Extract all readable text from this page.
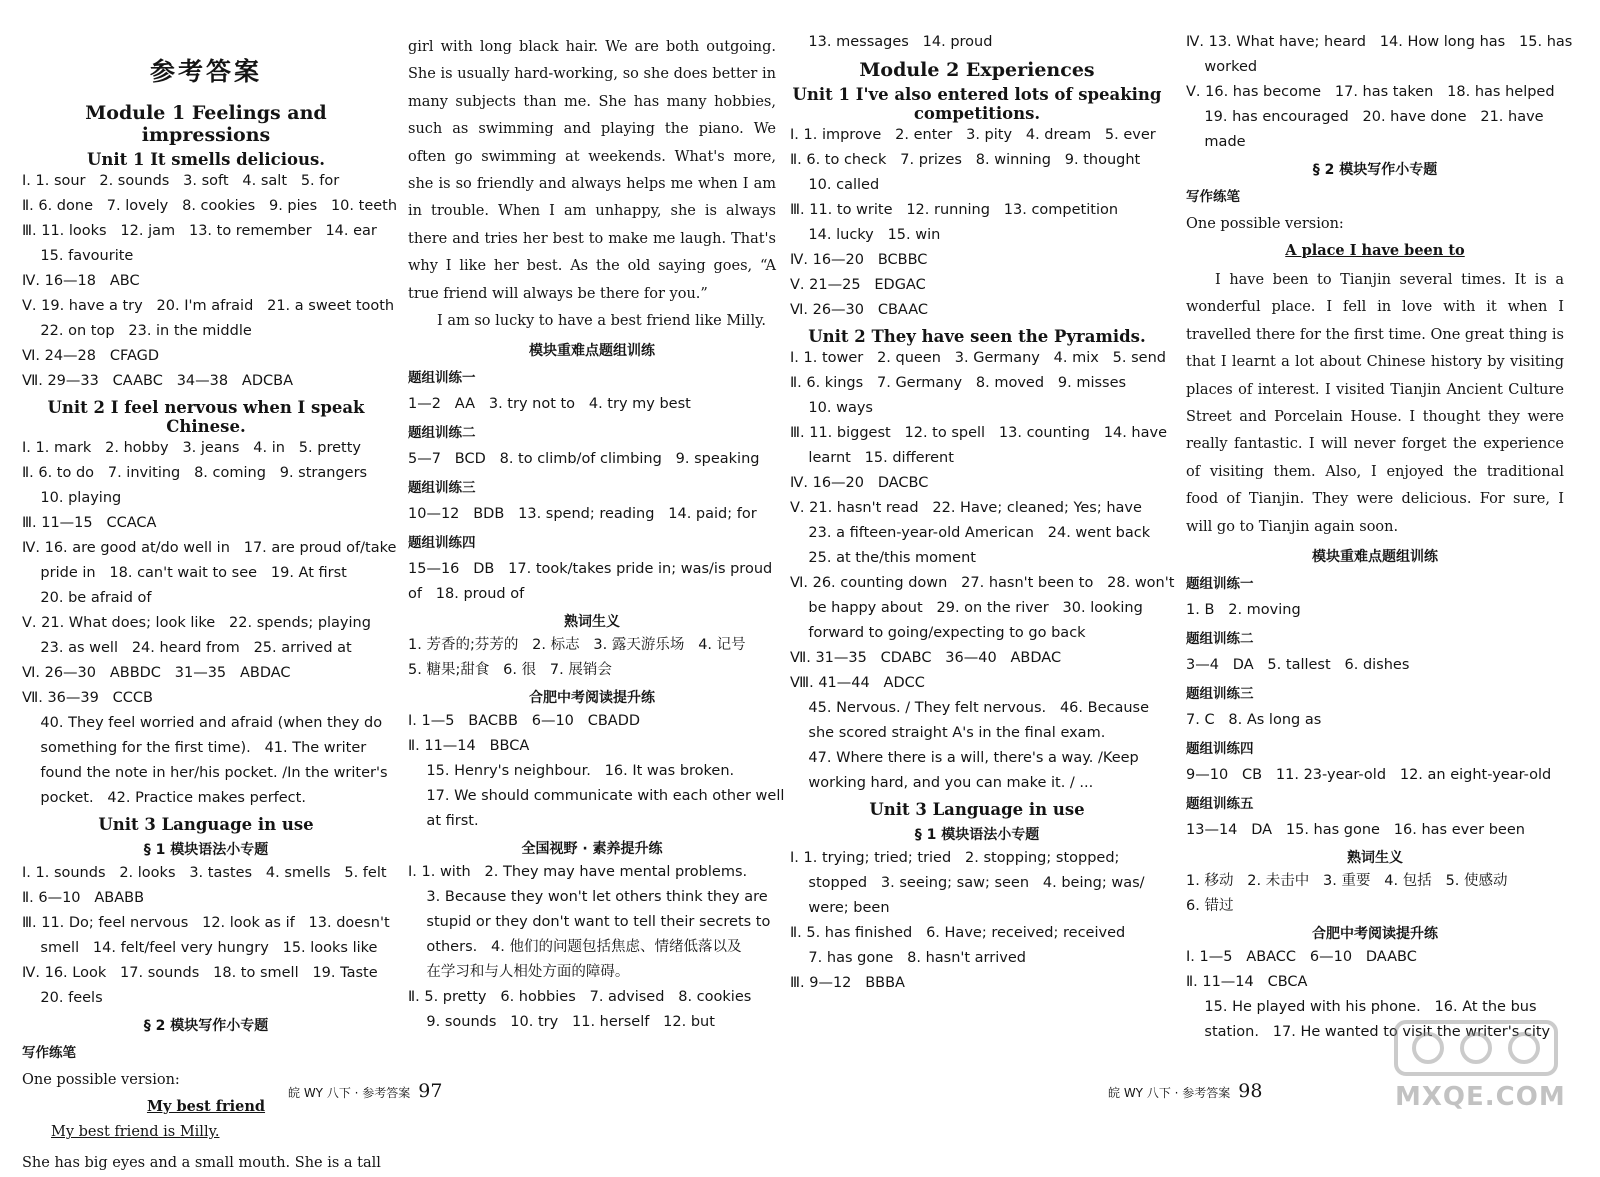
参考答案
Module 1 Feelings and impressions
Unit 1 It smells delicious.
Ⅰ. 1. sour   2. sounds   3. soft   4. salt   5. for
Ⅱ. 6. done   7. lovely   8. cookies   9. pies   10. teeth
Ⅲ. 11. looks   12. jam   13. to remember   14. ear
15. favourite
Ⅳ. 16—18   ABC
Ⅴ. 19. have a try   20. I'm afraid   21. a sweet tooth
22. on top   23. in the middle
Ⅵ. 24—28   CFAGD
Ⅶ. 29—33   CAABC   34—38   ADCBA
Unit 2 I feel nervous when I speak Chinese.
Ⅰ. 1. mark   2. hobby   3. jeans   4. in   5. pretty
Ⅱ. 6. to do   7. inviting   8. coming   9. strangers
10. playing
Ⅲ. 11—15   CCACA
Ⅳ. 16. are good at/do well in   17. are proud of/take
pride in   18. can't wait to see   19. At first
20. be afraid of
Ⅴ. 21. What does; look like   22. spends; playing
23. as well   24. heard from   25. arrived at
Ⅵ. 26—30   ABBDC   31—35   ABDAC
Ⅶ. 36—39   CCCB
40. They feel worried and afraid (when they do
something for the first time).   41. The writer
found the note in her/his pocket. /In the writer's
pocket.   42. Practice makes perfect.
Unit 3 Language in use
§ 1 模块语法小专题
Ⅰ. 1. sounds   2. looks   3. tastes   4. smells   5. felt
Ⅱ. 6—10   ABABB
Ⅲ. 11. Do; feel nervous   12. look as if   13. doesn't
smell   14. felt/feel very hungry   15. looks like
Ⅳ. 16. Look   17. sounds   18. to smell   19. Taste
20. feels
§ 2 模块写作小专题
写作练笔
One possible version:
My best friend
My best friend is Milly.
She has big eyes and a small mouth. She is a tall
girl with long black hair. We are both outgoing. She is usually hard-working, so she does better in many subjects than me. She has many hobbies, such as swimming and playing the piano. We often go swimming at weekends. What's more, she is so friendly and always helps me when I am in trouble. When I am unhappy, she is always there and tries her best to make me laugh. That's why I like her best. As the old saying goes, “A true friend will always be there for you.”
I am so lucky to have a best friend like Milly.
模块重难点题组训练
题组训练一
1—2   AA   3. try not to   4. try my best
题组训练二
5—7   BCD   8. to climb/of climbing   9. speaking
题组训练三
10—12   BDB   13. spend; reading   14. paid; for
题组训练四
15—16   DB   17. took/takes pride in; was/is proud
of   18. proud of
熟词生义
1. 芳香的;芬芳的   2. 标志   3. 露天游乐场   4. 记号
5. 糖果;甜食   6. 很   7. 展销会
合肥中考阅读提升练
Ⅰ. 1—5   BACBB   6—10   CBADD
Ⅱ. 11—14   BBCA
15. Henry's neighbour.   16. It was broken.
17. We should communicate with each other well
at first.
全国视野 · 素养提升练
Ⅰ. 1. with   2. They may have mental problems.
3. Because they won't let others think they are
stupid or they don't want to tell their secrets to
others.   4. 他们的问题包括焦虑、情绪低落以及
在学习和与人相处方面的障碍。
Ⅱ. 5. pretty   6. hobbies   7. advised   8. cookies
9. sounds   10. try   11. herself   12. but
13. messages   14. proud
Module 2 Experiences
Unit 1 I've also entered lots of speaking competitions.
Ⅰ. 1. improve   2. enter   3. pity   4. dream   5. ever
Ⅱ. 6. to check   7. prizes   8. winning   9. thought
10. called
Ⅲ. 11. to write   12. running   13. competition
14. lucky   15. win
Ⅳ. 16—20   BCBBC
Ⅴ. 21—25   EDGAC
Ⅵ. 26—30   CBAAC
Unit 2 They have seen the Pyramids.
Ⅰ. 1. tower   2. queen   3. Germany   4. mix   5. send
Ⅱ. 6. kings   7. Germany   8. moved   9. misses
10. ways
Ⅲ. 11. biggest   12. to spell   13. counting   14. have
learnt   15. different
Ⅳ. 16—20   DACBC
Ⅴ. 21. hasn't read   22. Have; cleaned; Yes; have
23. a fifteen-year-old American   24. went back
25. at the/this moment
Ⅵ. 26. counting down   27. hasn't been to   28. won't
be happy about   29. on the river   30. looking
forward to going/expecting to go back
Ⅶ. 31—35   CDABC   36—40   ABDAC
Ⅷ. 41—44   ADCC
45. Nervous. / They felt nervous.   46. Because
she scored straight A's in the final exam.
47. Where there is a will, there's a way. /Keep
working hard, and you can make it. / ...
Unit 3 Language in use
§ 1 模块语法小专题
Ⅰ. 1. trying; tried; tried   2. stopping; stopped;
stopped   3. seeing; saw; seen   4. being; was/
were; been
Ⅱ. 5. has finished   6. Have; received; received
7. has gone   8. hasn't arrived
Ⅲ. 9—12   BBBA
Ⅳ. 13. What have; heard   14. How long has   15. has
worked
Ⅴ. 16. has become   17. has taken   18. has helped
19. has encouraged   20. have done   21. have
made
§ 2 模块写作小专题
写作练笔
One possible version:
A place I have been to
I have been to Tianjin several times. It is a wonderful place. I fell in love with it when I travelled there for the first time. One great thing is that I learnt a lot about Chinese history by visiting places of interest. I visited Tianjin Ancient Culture Street and Porcelain House. I thought they were really fantastic. I will never forget the experience of visiting them. Also, I enjoyed the traditional food of Tianjin. They were delicious. For sure, I will go to Tianjin again soon.
模块重难点题组训练
题组训练一
1. B   2. moving
题组训练二
3—4   DA   5. tallest   6. dishes
题组训练三
7. C   8. As long as
题组训练四
9—10   CB   11. 23-year-old   12. an eight-year-old
题组训练五
13—14   DA   15. has gone   16. has ever been
熟词生义
1. 移动   2. 未击中   3. 重要   4. 包括   5. 使感动
6. 错过
合肥中考阅读提升练
Ⅰ. 1—5   ABACC   6—10   DAABC
Ⅱ. 11—14   CBCA
15. He played with his phone.   16. At the bus
station.   17. He wanted to visit the writer's city
皖 WY 八下 · 参考答案 97	皖 WY 八下 · 参考答案 98	MXQE.COM
